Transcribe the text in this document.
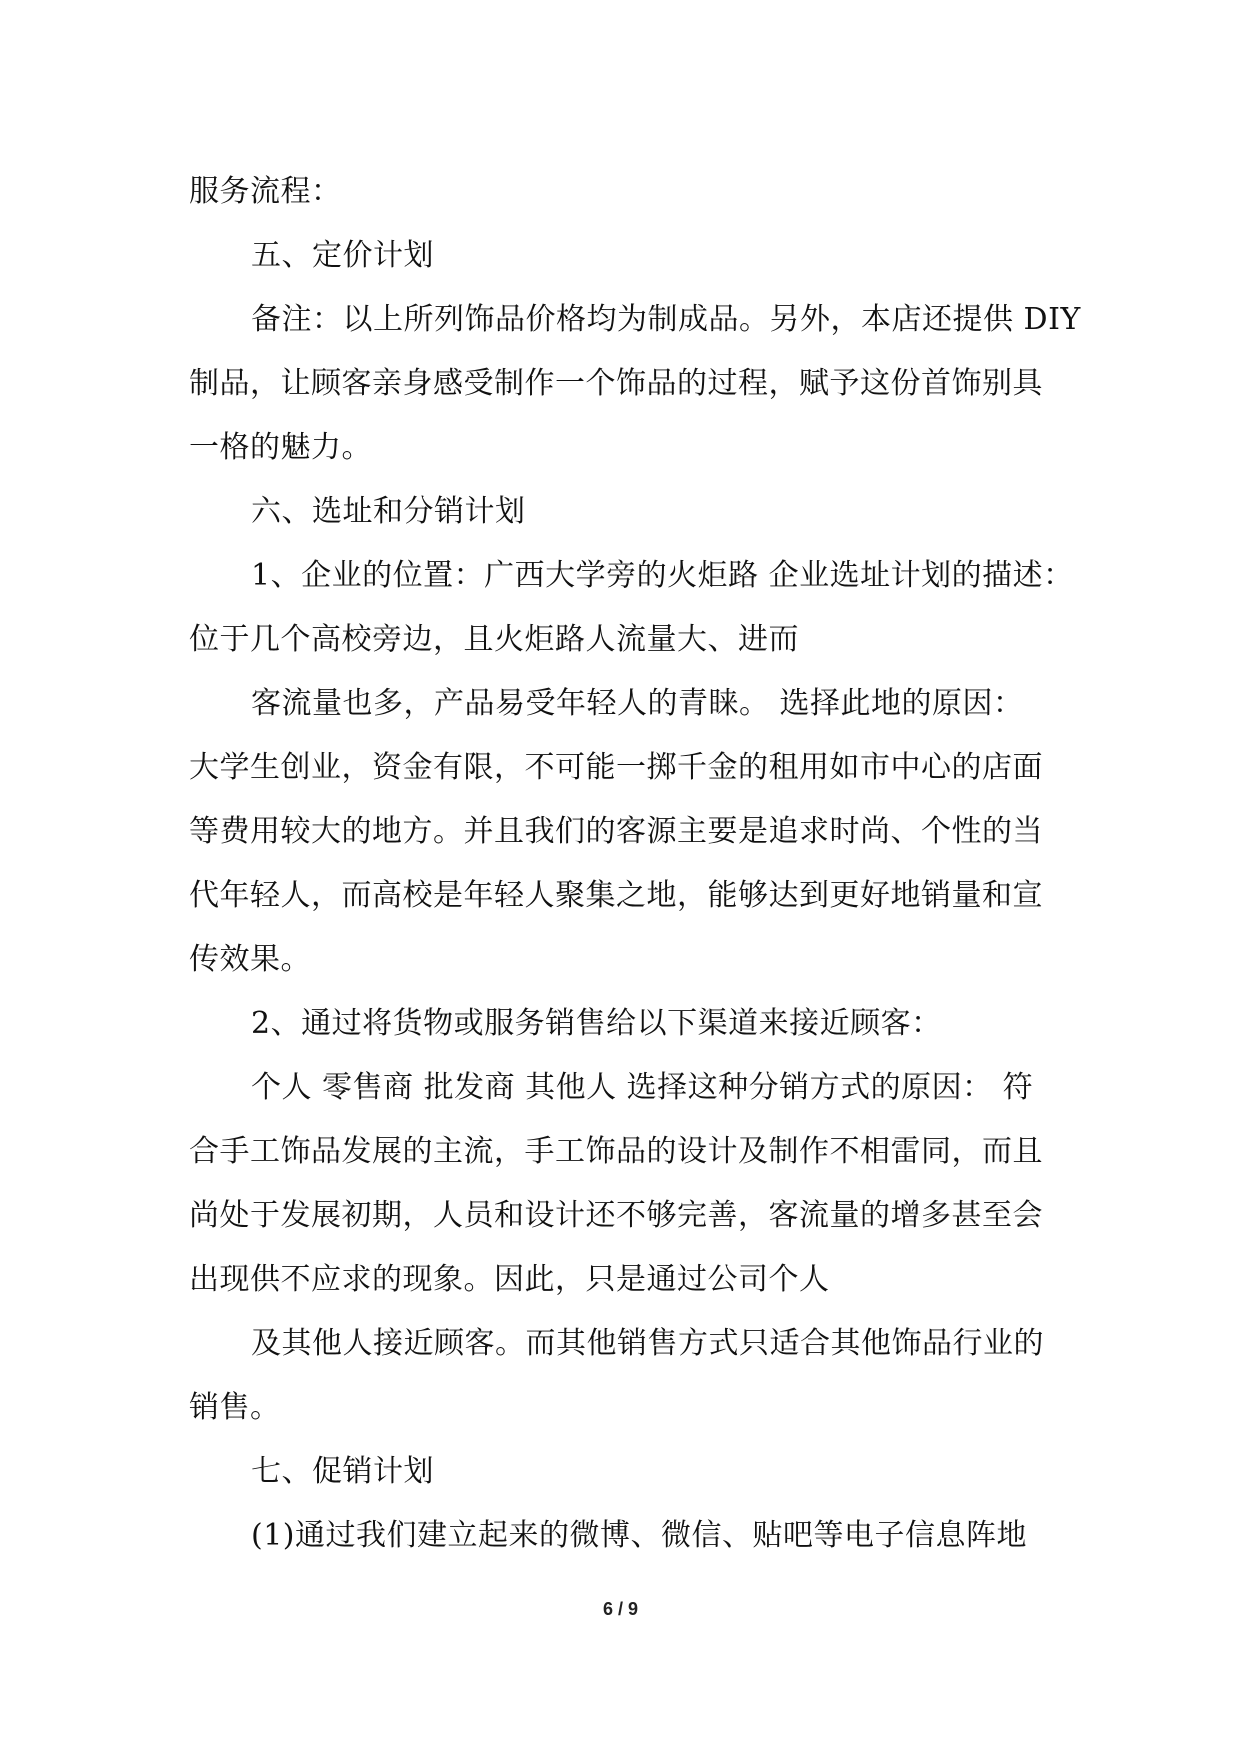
服务流程：
五、定价计划
备注：以上所列饰品价格均为制成品。另外，本店还提供 DIY
制品，让顾客亲身感受制作一个饰品的过程，赋予这份首饰别具
一格的魅力。
六、选址和分销计划
1、企业的位置：广西大学旁的火炬路 企业选址计划的描述：
位于几个高校旁边，且火炬路人流量大、进而
客流量也多，产品易受年轻人的青睐。 选择此地的原因：
大学生创业，资金有限，不可能一掷千金的租用如市中心的店面
等费用较大的地方。并且我们的客源主要是追求时尚、个性的当
代年轻人，而高校是年轻人聚集之地，能够达到更好地销量和宣
传效果。
2、通过将货物或服务销售给以下渠道来接近顾客：
个人 零售商 批发商 其他人 选择这种分销方式的原因： 符
合手工饰品发展的主流，手工饰品的设计及制作不相雷同，而且
尚处于发展初期，人员和设计还不够完善，客流量的增多甚至会
出现供不应求的现象。因此，只是通过公司个人
及其他人接近顾客。而其他销售方式只适合其他饰品行业的
销售。
七、促销计划
(1)通过我们建立起来的微博、微信、贴吧等电子信息阵地
6 / 9
